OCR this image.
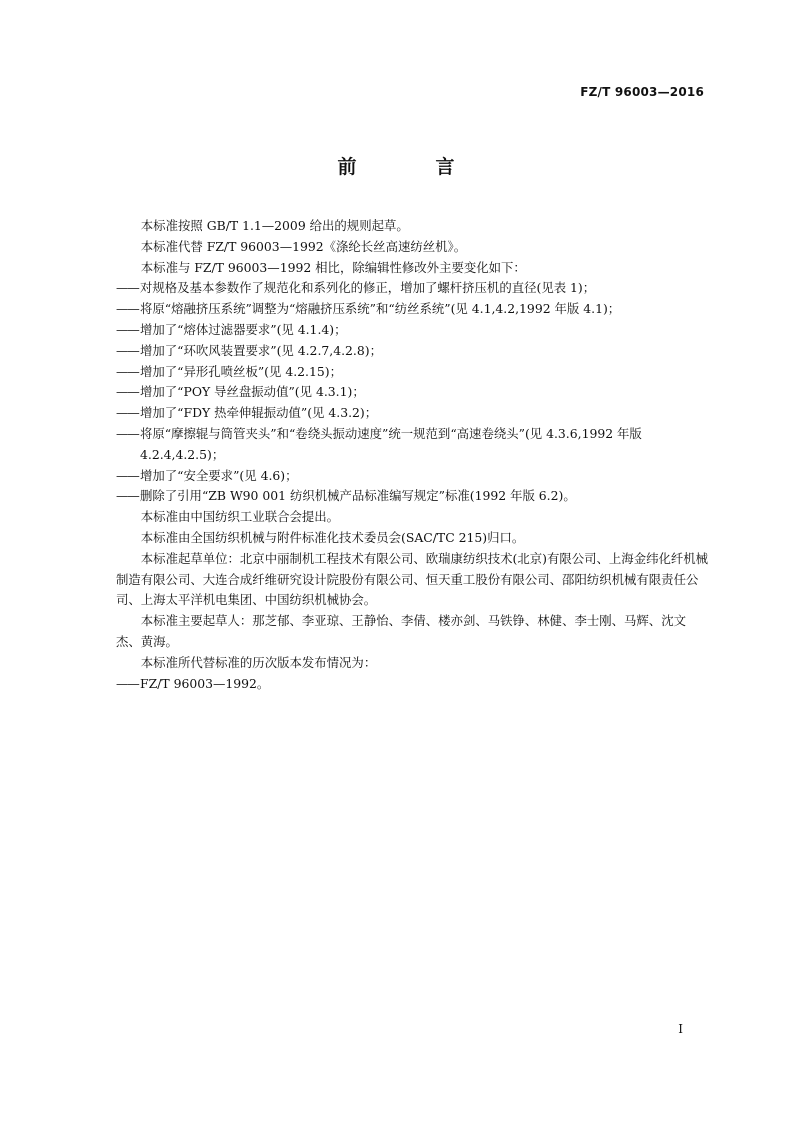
FZ/T 96003—2016
前　言

本标准按照 GB/T 1.1—2009 给出的规则起草。

本标准代替 FZ/T 96003—1992《涤纶长丝高速纺丝机》。

本标准与 FZ/T 96003—1992 相比，除编辑性修改外主要变化如下：

——对规格及基本参数作了规范化和系列化的修正，增加了螺杆挤压机的直径(见表 1)；

——将原“熔融挤压系统”调整为“熔融挤压系统”和“纺丝系统”(见 4.1,4.2,1992 年版 4.1)；

——增加了“熔体过滤器要求”(见 4.1.4)；

——增加了“环吹风装置要求”(见 4.2.7,4.2.8)；

——增加了“异形孔喷丝板”(见 4.2.15)；

——增加了“POY 导丝盘振动值”(见 4.3.1)；

——增加了“FDY 热牵伸辊振动值”(见 4.3.2)；

——将原“摩擦辊与筒管夹头”和“卷绕头振动速度”统一规范到“高速卷绕头”(见 4.3.6,1992 年版 4.2.4,4.2.5)；

——增加了“安全要求”(见 4.6)；

——删除了引用“ZB W90 001 纺织机械产品标准编写规定”标准(1992 年版 6.2)。

本标准由中国纺织工业联合会提出。

本标准由全国纺织机械与附件标准化技术委员会(SAC/TC 215)归口。

本标准起草单位：北京中丽制机工程技术有限公司、欧瑞康纺织技术(北京)有限公司、上海金纬化纤机械制造有限公司、大连合成纤维研究设计院股份有限公司、恒天重工股份有限公司、邵阳纺织机械有限责任公司、上海太平洋机电集团、中国纺织机械协会。

本标准主要起草人：那芝郁、李亚琼、王静怡、李倩、楼亦剑、马铁铮、林健、李士刚、马辉、沈文杰、黄海。

本标准所代替标准的历次版本发布情况为：

——FZ/T 96003—1992。

I
